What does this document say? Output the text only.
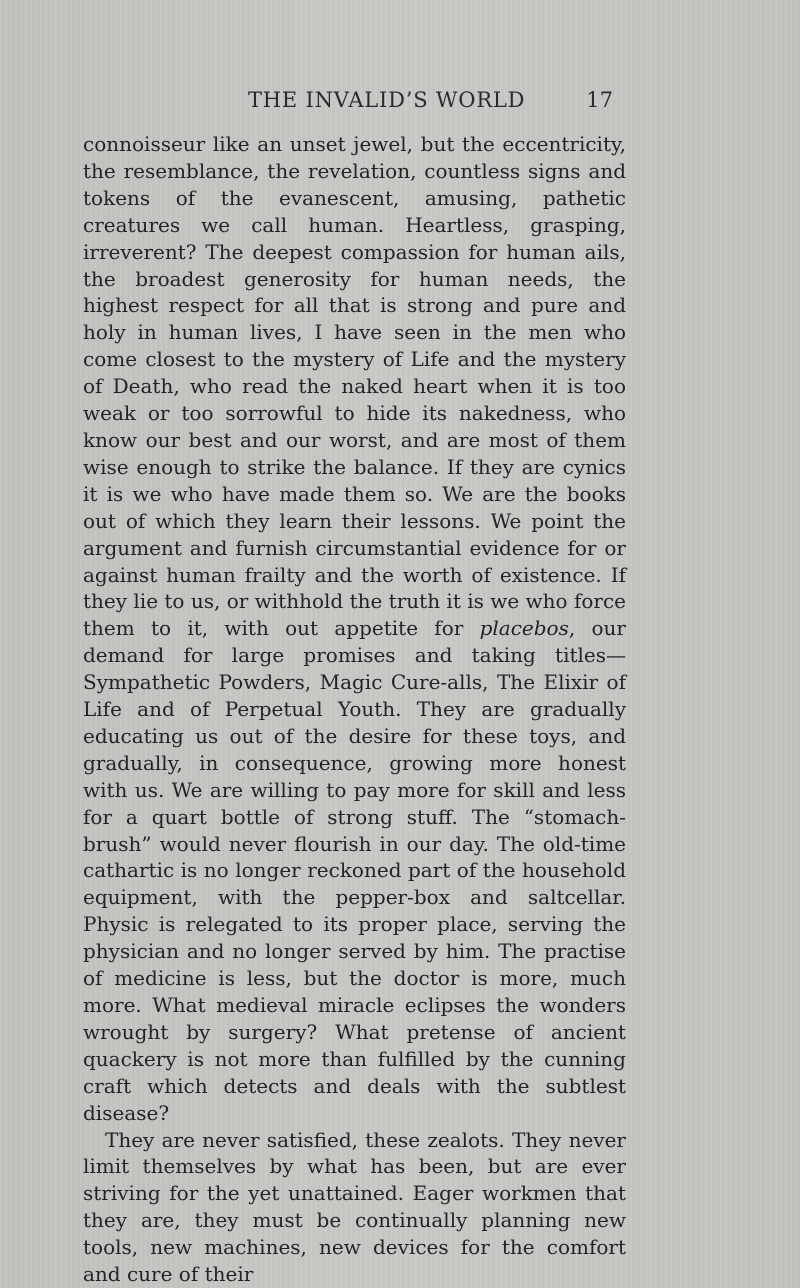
THE INVALID’S WORLD	17

connoisseur like an unset jewel, but the eccentricity, the resemblance, the revelation, countless signs and tokens of the evanescent, amusing, pathetic creatures we call human. Heartless, grasping, irreverent? The deepest compassion for human ails, the broadest generosity for human needs, the highest respect for all that is strong and pure and holy in human lives, I have seen in the men who come closest to the mystery of Life and the mystery of Death, who read the naked heart when it is too weak or too sorrowful to hide its nakedness, who know our best and our worst, and are most of them wise enough to strike the balance. If they are cynics it is we who have made them so. We are the books out of which they learn their lessons. We point the argument and furnish circumstantial evidence for or against human frailty and the worth of existence. If they lie to us, or withhold the truth it is we who force them to it, with out appetite for placebos, our demand for large promises and taking titles—Sympathetic Powders, Magic Cure-alls, The Elixir of Life and of Perpetual Youth. They are gradually educating us out of the desire for these toys, and gradually, in consequence, growing more honest with us. We are willing to pay more for skill and less for a quart bottle of strong stuff. The “stomach-brush” would never flourish in our day. The old-time cathartic is no longer reckoned part of the household equipment, with the pepper-box and saltcellar. Physic is relegated to its proper place, serving the physician and no longer served by him. The practise of medicine is less, but the doctor is more, much more. What medieval miracle eclipses the wonders wrought by surgery? What pretense of ancient quackery is not more than fulfilled by the cunning craft which detects and deals with the subtlest disease?

They are never satisfied, these zealots. They never limit themselves by what has been, but are ever striving for the yet unattained. Eager workmen that they are, they must be continually planning new tools, new machines, new devices for the comfort and cure of their
